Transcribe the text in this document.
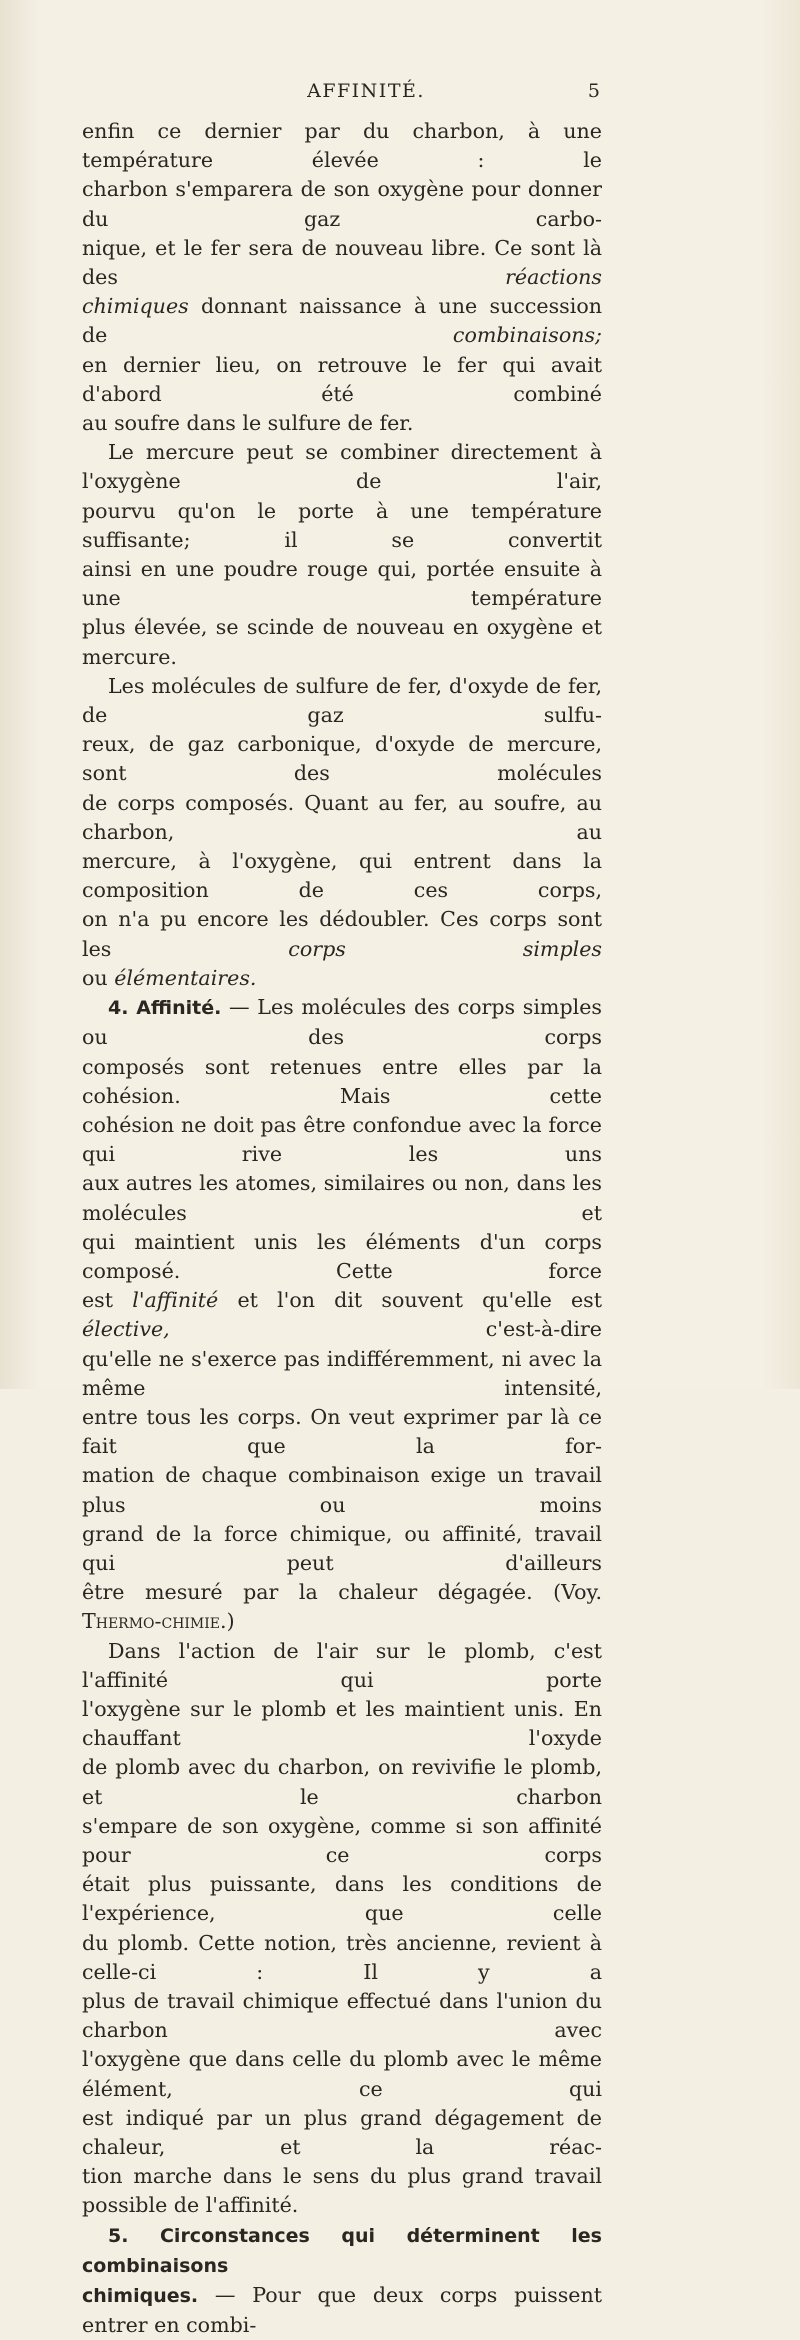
AFFINITÉ.	5
enfin ce dernier par du charbon, à une température élevée : le
charbon s'emparera de son oxygène pour donner du gaz carbo-
nique, et le fer sera de nouveau libre. Ce sont là des	réactions
chimiques donnant naissance à une succession de	combinaisons;
en dernier lieu, on retrouve le fer qui avait d'abord été combiné
au soufre dans le sulfure de fer.
Le mercure peut se combiner directement à l'oxygène de l'air,
pourvu qu'on le porte à une température suffisante; il se convertit
ainsi en une poudre rouge qui, portée ensuite à une température
plus élevée, se scinde de nouveau en oxygène et mercure.
Les molécules de sulfure de fer, d'oxyde de fer, de gaz sulfu-
reux, de gaz carbonique, d'oxyde de mercure, sont des molécules
de corps composés. Quant au fer, au soufre, au charbon, au
mercure, à l'oxygène, qui entrent dans la composition de ces corps,
on n'a pu encore les dédoubler. Ces corps sont les	corps simples
ou élémentaires.
4. Affinité. — Les molécules des corps simples ou des corps
composés sont retenues entre elles par la cohésion. Mais cette
cohésion ne doit pas être confondue avec la force qui rive les uns
aux autres les atomes, similaires ou non, dans les molécules et
qui maintient unis les éléments d'un corps composé. Cette force
est l'affinité et l'on dit souvent qu'elle est élective,	c'est-à-dire
qu'elle ne s'exerce pas indifféremment, ni avec la même intensité,
entre tous les corps. On veut exprimer par là ce fait que la for-
mation de chaque combinaison exige un travail plus ou moins
grand de la force chimique, ou affinité, travail qui peut d'ailleurs
être mesuré par la chaleur dégagée. (Voy. Thermo-chimie.)
Dans l'action de l'air sur le plomb, c'est l'affinité qui porte
l'oxygène sur le plomb et les maintient unis. En chauffant l'oxyde
de plomb avec du charbon, on revivifie le plomb, et le charbon
s'empare de son oxygène, comme si son affinité pour ce corps
était plus puissante, dans les conditions de l'expérience, que celle
du plomb. Cette notion, très ancienne, revient à celle-ci : Il y a
plus de travail chimique effectué dans l'union du charbon avec
l'oxygène que dans celle du plomb avec le même élément, ce qui
est indiqué par un plus grand dégagement de chaleur, et la réac-
tion marche dans le sens du plus grand travail possible de l'affinité.
5. Circonstances qui déterminent les combinaisons
chimiques. — Pour que deux corps puissent entrer en combi-
